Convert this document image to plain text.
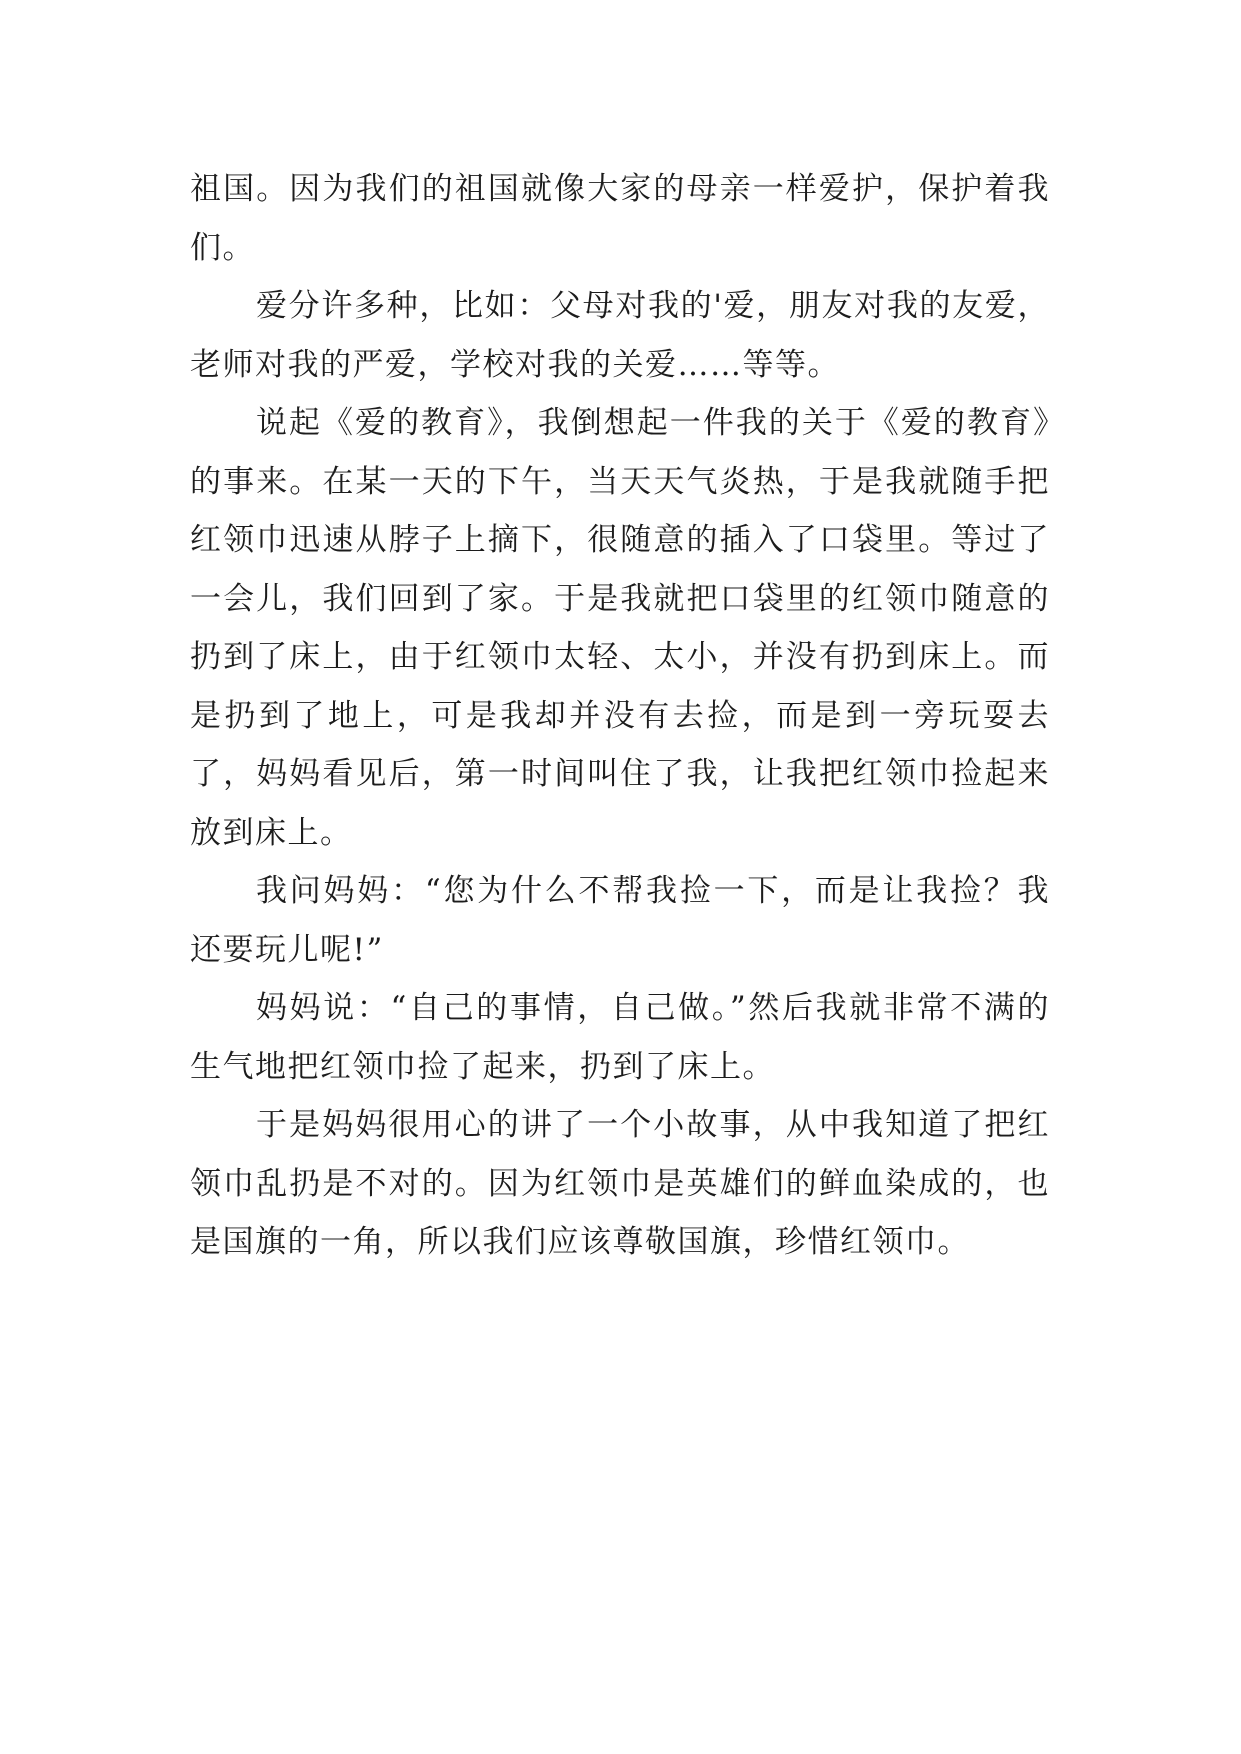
祖国。因为我们的祖国就像大家的母亲一样爱护，保护着我们。

爱分许多种，比如：父母对我的'爱，朋友对我的友爱，老师对我的严爱，学校对我的关爱……等等。

说起《爱的教育》，我倒想起一件我的关于《爱的教育》的事来。在某一天的下午，当天天气炎热，于是我就随手把红领巾迅速从脖子上摘下，很随意的插入了口袋里。等过了一会儿，我们回到了家。于是我就把口袋里的红领巾随意的扔到了床上，由于红领巾太轻、太小，并没有扔到床上。而是扔到了地上，可是我却并没有去捡，而是到一旁玩耍去了，妈妈看见后，第一时间叫住了我，让我把红领巾捡起来放到床上。

我问妈妈：“您为什么不帮我捡一下，而是让我捡？我还要玩儿呢!”

妈妈说：“自己的事情，自己做。”然后我就非常不满的生气地把红领巾捡了起来，扔到了床上。

于是妈妈很用心的讲了一个小故事，从中我知道了把红领巾乱扔是不对的。因为红领巾是英雄们的鲜血染成的，也是国旗的一角，所以我们应该尊敬国旗，珍惜红领巾。
